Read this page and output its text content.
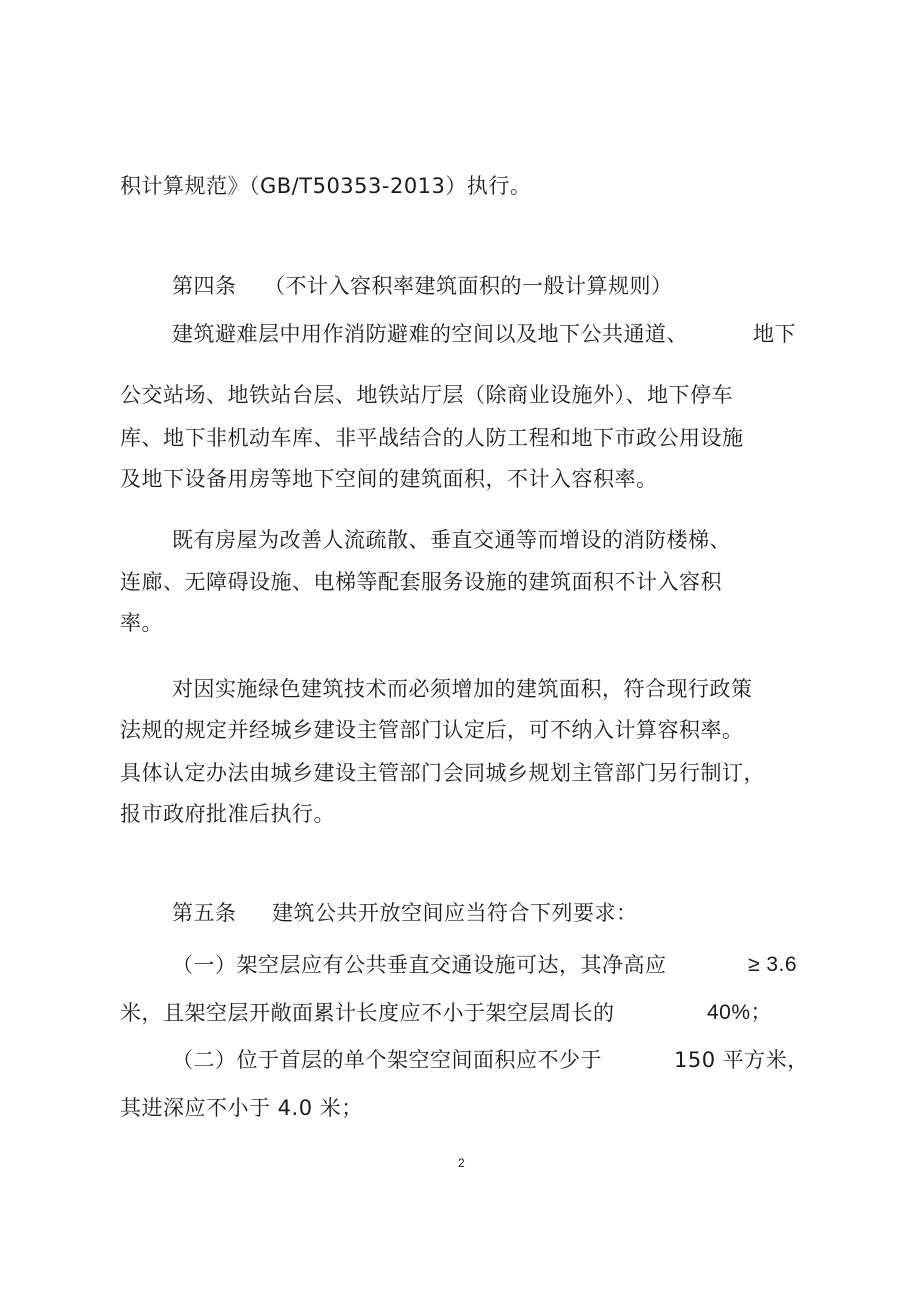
积计算规范》（GB/T50353-2013）执行。
第四条 （不计入容积率建筑面积的一般计算规则）
建筑避难层中用作消防避难的空间以及地下公共通道、	地下
公交站场、地铁站台层、地铁站厅层（除商业设施外）、地下停车
库、地下非机动车库、非平战结合的人防工程和地下市政公用设施
及地下设备用房等地下空间的建筑面积，不计入容积率。
既有房屋为改善人流疏散、垂直交通等而增设的消防楼梯、
连廊、无障碍设施、电梯等配套服务设施的建筑面积不计入容积
率。
对因实施绿色建筑技术而必须增加的建筑面积，符合现行政策
法规的规定并经城乡建设主管部门认定后，可不纳入计算容积率。
具体认定办法由城乡建设主管部门会同城乡规划主管部门另行制订，
报市政府批准后执行。
第五条 建筑公共开放空间应当符合下列要求：
（一）架空层应有公共垂直交通设施可达，其净高应	≥ 3.6
米，且架空层开敞面累计长度应不小于架空层周长的	40%；
（二）位于首层的单个架空空间面积应不少于	150 平方米，
其进深应不小于 4.0 米；
2
